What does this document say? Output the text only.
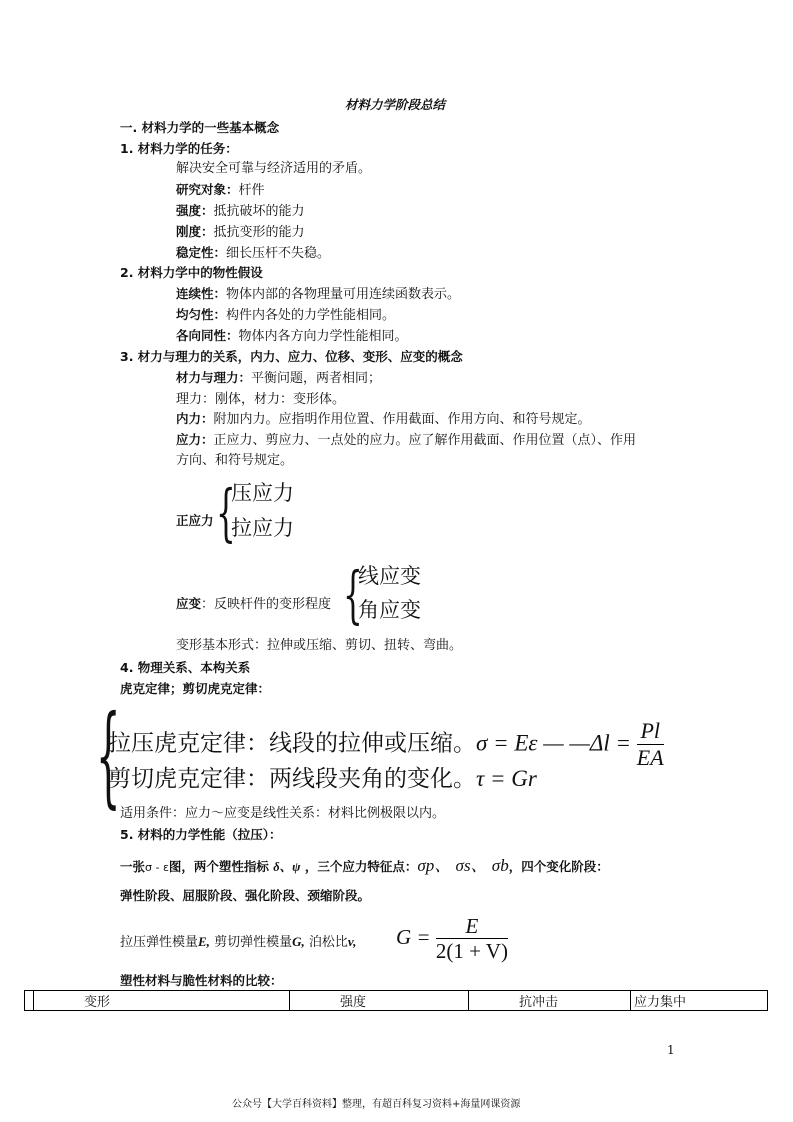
材料力学阶段总结
一. 材料力学的一些基本概念
1. 材料力学的任务：
解决安全可靠与经济适用的矛盾。
研究对象：杆件
强度：抵抗破坏的能力
刚度：抵抗变形的能力
稳定性：细长压杆不失稳。
2. 材料力学中的物性假设
连续性：物体内部的各物理量可用连续函数表示。
均匀性：构件内各处的力学性能相同。
各向同性：物体内各方向力学性能相同。
3. 材力与理力的关系，内力、应力、位移、变形、应变的概念
材力与理力：平衡问题，两者相同；
理力：刚体，材力：变形体。
内力：附加内力。应指明作用位置、作用截面、作用方向、和符号规定。
应力：正应力、剪应力、一点处的应力。应了解作用截面、作用位置（点）、作用
方向、和符号规定。
正应力 {
压应力
拉应力
应变：反映杆件的变形程度 {
线应变
角应变
变形基本形式：拉伸或压缩、剪切、扭转、弯曲。
4. 物理关系、本构关系
虎克定律；剪切虎克定律：
{
拉压虎克定律：线段的拉伸或压缩。σ = Eε — —Δl = $\frac{Pl}{EA}$
剪切虎克定律：两线段夹角的变化。τ = Gr
适用条件：应力～应变是线性关系：材料比例极限以内。
5. 材料的力学性能（拉压）：
一张σ - ε图，两个塑性指标 δ、ψ ，三个应力特征点：σp、 σs、 σb，四个变化阶段：
弹性阶段、屈服阶段、强化阶段、颈缩阶段。
拉压弹性模量E, 剪切弹性模量G, 泊松比v, $G = \frac{E}{2(1 + V)}$
塑性材料与脆性材料的比较：
	变形	强度	抗冲击	应力集中
1
公众号【大学百科资料】整理，有超百科复习资料+海量网课资源
